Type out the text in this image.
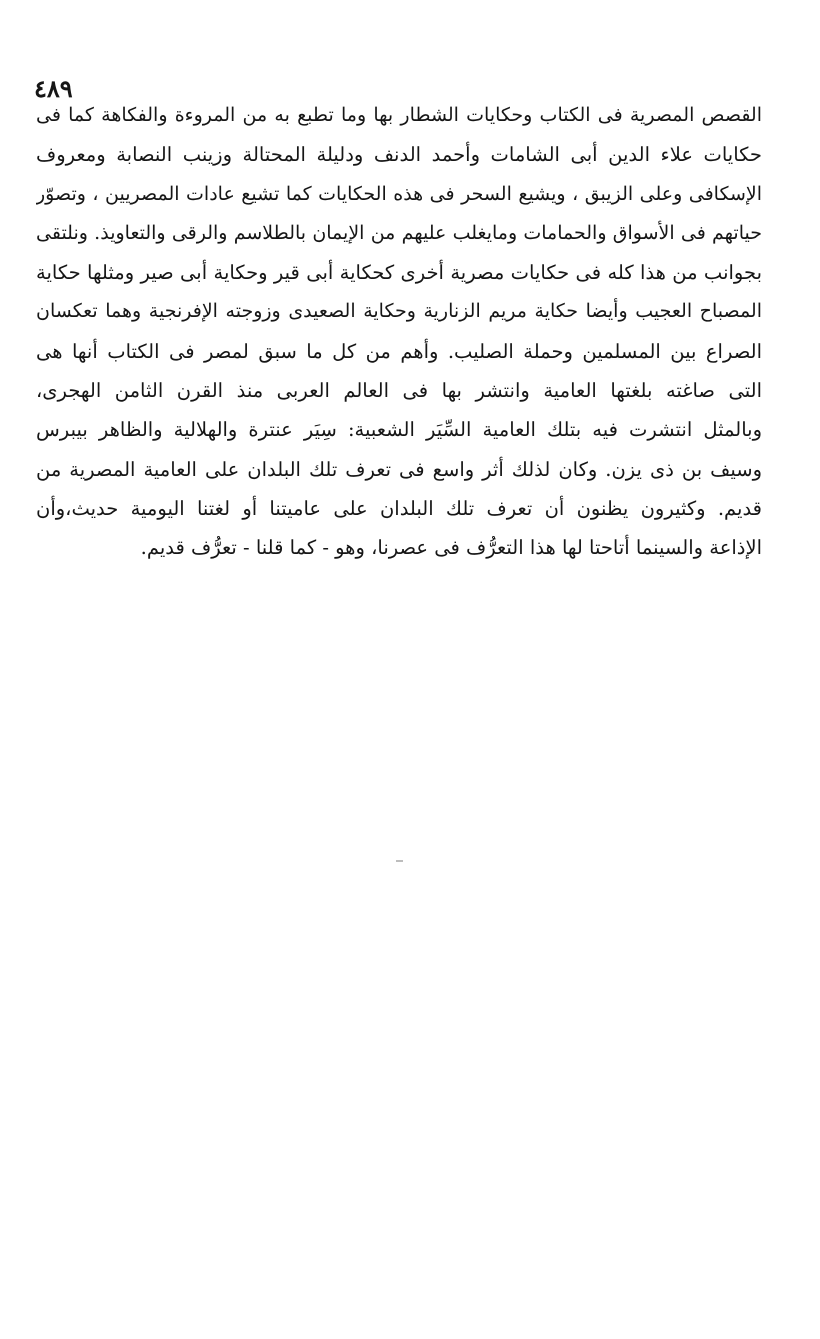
٤٨٩
القصص المصرية فى الكتاب وحكايات الشطار بها وما تطبع به من المروءة والفكاهة كما فى
حكايات علاء الدين أبى الشامات وأحمد الدنف ودليلة المحتالة وزينب النصابة ومعروف
الإسكافى وعلى الزيبق ، ويشيع السحر فى هذه الحكايات كما تشيع عادات المصريين ، وتصوّر
حياتهم فى الأسواق والحمامات ومايغلب عليهم من الإيمان بالطلاسم والرقى والتعاويذ. ونلتقى
بجوانب من هذا كله فى حكايات مصرية أخرى كحكاية أبى قير وحكاية أبى صير ومثلها حكاية
المصباح العجيب وأيضا حكاية مريم الزنارية وحكاية الصعيدى وزوجته الإفرنجية وهما تعكسان
الصراع بين المسلمين وحملة الصليب. وأهم من كل ما سبق لمصر فى الكتاب أنها هى
التى صاغته بلغتها العامية وانتشر بها فى العالم العربى منذ القرن الثامن الهجرى،
وبالمثل انتشرت فيه بتلك العامية السِّيَر الشعبية: سِيَر عنترة والهلالية والظاهر بيبرس
وسيف بن ذى يزن. وكان لذلك أثر واسع فى تعرف تلك البلدان على العامية المصرية من
قديم. وكثيرون يظنون أن تعرف تلك البلدان على عاميتنا أو لغتنا اليومية حديث،وأن
الإذاعة والسينما أتاحتا لها هذا التعرُّف فى عصرنا، وهو - كما قلنا - تعرُّف قديم.
